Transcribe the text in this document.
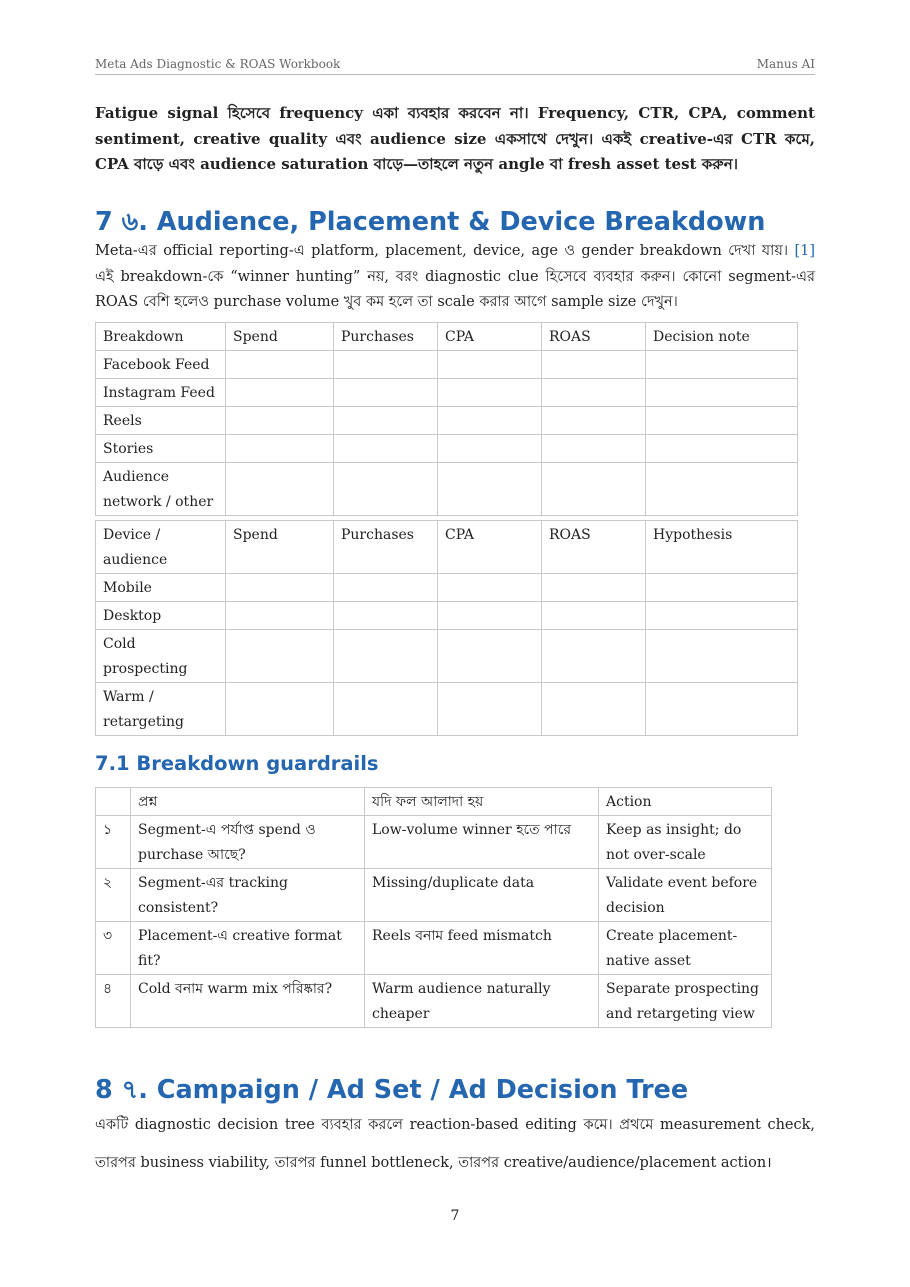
Meta Ads Diagnostic & ROAS Workbook	Manus AI

Fatigue signal হিসেবে frequency একা ব্যবহার করবেন না। Frequency, CTR, CPA, comment sentiment, creative quality এবং audience size একসাথে দেখুন। একই creative-এর CTR কমে, CPA বাড়ে এবং audience saturation বাড়ে—তাহলে নতুন angle বা fresh asset test করুন।

7 ৬. Audience, Placement & Device Breakdown

Meta-এর official reporting-এ platform, placement, device, age ও gender breakdown দেখা যায়। [1] এই breakdown-কে “winner hunting” নয়, বরং diagnostic clue হিসেবে ব্যবহার করুন। কোনো segment-এর ROAS বেশি হলেও purchase volume খুব কম হলে তা scale করার আগে sample size দেখুন।

Breakdown	Spend	Purchases	CPA	ROAS	Decision note
Facebook Feed					
Instagram Feed					
Reels					
Stories					
Audience network / other					
Device / audience	Spend	Purchases	CPA	ROAS	Hypothesis
Mobile					
Desktop					
Cold prospecting					
Warm / retargeting					
7.1 Breakdown guardrails
	প্রশ্ন	যদি ফল আলাদা হয়	Action
১	Segment-এ পর্যাপ্ত spend ও purchase আছে?	Low-volume winner হতে পারে	Keep as insight; do not over-scale
২	Segment-এর tracking consistent?	Missing/duplicate data	Validate event before decision
৩	Placement-এ creative format fit?	Reels বনাম feed mismatch	Create placement-native asset
৪	Cold বনাম warm mix পরিষ্কার?	Warm audience naturally cheaper	Separate prospecting and retargeting view
8 ৭. Campaign / Ad Set / Ad Decision Tree

একটি diagnostic decision tree ব্যবহার করলে reaction-based editing কমে। প্রথমে measurement check, তারপর business viability, তারপর funnel bottleneck, তারপর creative/audience/placement action।

7
